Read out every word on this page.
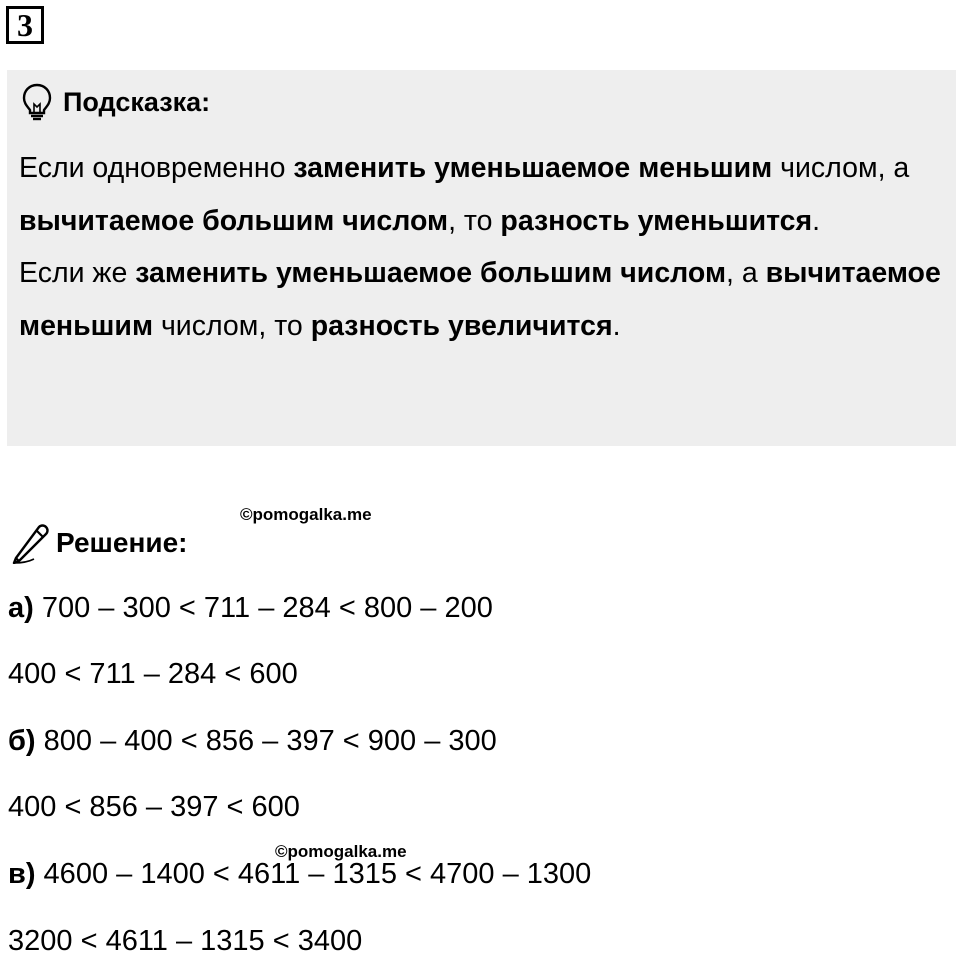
3
Подсказка:

Если одновременно заменить уменьшаемое меньшим числом, а вычитаемое большим числом, то разность уменьшится.

Если же заменить уменьшаемое большим числом, а вычитаемое меньшим числом, то разность увеличится.

©pomogalka.me
Решение:
а) 700 – 300 < 711 – 284 < 800 – 200
400 < 711 – 284 < 600
б) 800 – 400 < 856 – 397 < 900 – 300
400 < 856 – 397 < 600
в) 4600 – 1400 < 4611 – 1315 < 4700 – 1300
3200 < 4611 – 1315 < 3400
©pomogalka.me
